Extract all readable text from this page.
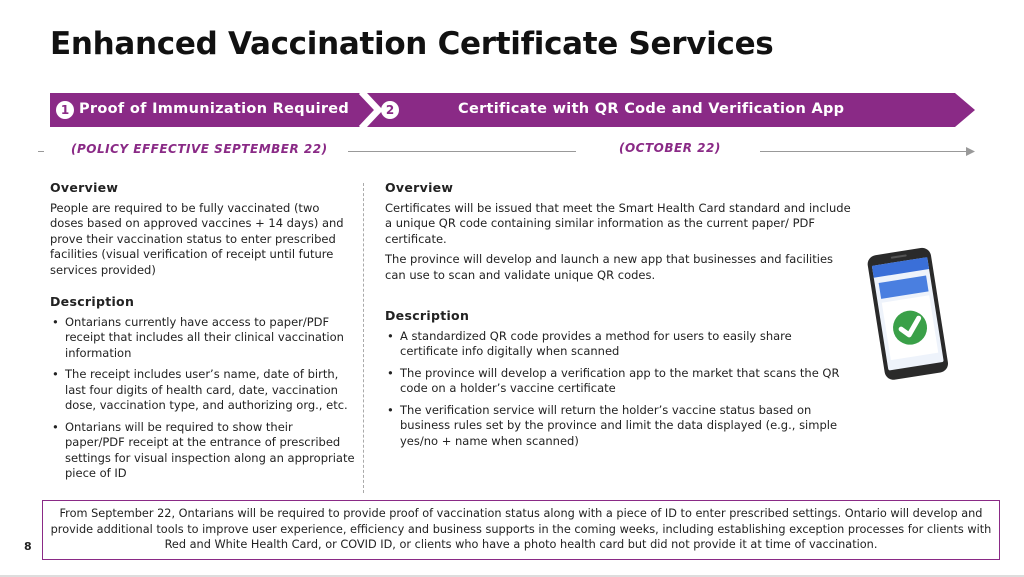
Enhanced Vaccination Certificate Services
1 Proof of Immunization Required	2	Certificate with QR Code and Verification App
(POLICY EFFECTIVE SEPTEMBER 22)	(OCTOBER 22)
Overview

People are required to be fully vaccinated (two doses based on approved vaccines + 14 days) and prove their vaccination status to enter prescribed facilities (visual verification of receipt until future services provided)

Description
• Ontarians currently have access to paper/PDF receipt that includes all their clinical vaccination information
• The receipt includes user’s name, date of birth, last four digits of health card, date, vaccination dose, vaccination type, and authorizing org., etc.
• Ontarians will be required to show their paper/PDF receipt at the entrance of prescribed settings for visual inspection along an appropriate piece of ID
Overview

Certificates will be issued that meet the Smart Health Card standard and include a unique QR code containing similar information as the current paper/ PDF certificate.

The province will develop and launch a new app that businesses and facilities can use to scan and validate unique QR codes.

Description
• A standardized QR code provides a method for users to easily share certificate info digitally when scanned
• The province will develop a verification app to the market that scans the QR code on a holder’s vaccine certificate
• The verification service will return the holder’s vaccine status based on business rules set by the province and limit the data displayed (e.g., simple yes/no + name when scanned)
From September 22, Ontarians will be required to provide proof of vaccination status along with a piece of ID to enter prescribed settings. Ontario will develop and provide additional tools to improve user experience, efficiency and business supports in the coming weeks, including establishing exception processes for clients with Red and White Health Card, or COVID ID, or clients who have a photo health card but did not provide it at time of vaccination.
8
